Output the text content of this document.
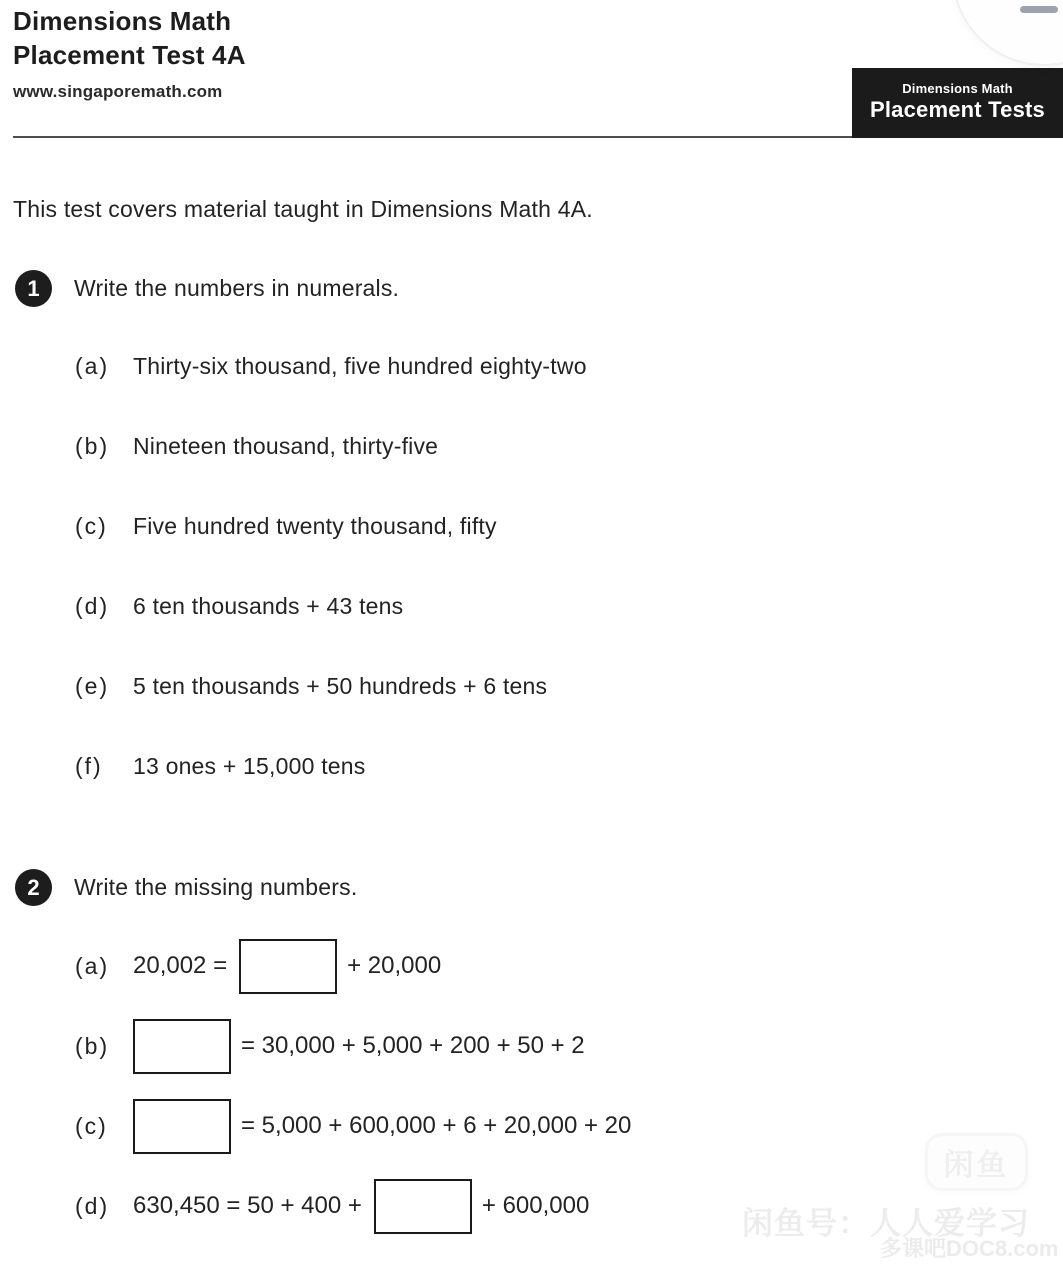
Dimensions Math
Placement Test 4A
www.singaporemath.com	Dimensions Math
Placement Tests
This test covers material taught in Dimensions Math 4A.
1	Write the numbers in numerals.
(a)	Thirty-six thousand, five hundred eighty-two
(b)	Nineteen thousand, thirty-five
(c)	Five hundred twenty thousand, fifty
(d)	6 ten thousands + 43 tens
(e)	5 ten thousands + 50 hundreds + 6 tens
(f)	13 ones + 15,000 tens
2	Write the missing numbers.
(a) 20,002 =	+ 20,000
(b)	= 30,000 + 5,000 + 200 + 50 + 2
(c)	= 5,000 + 600,000 + 6 + 20,000 + 20
(d) 630,450 = 50 + 400 +	+ 600,000
闲鱼
闲鱼号：人人爱学习
多课吧DOC8.com
